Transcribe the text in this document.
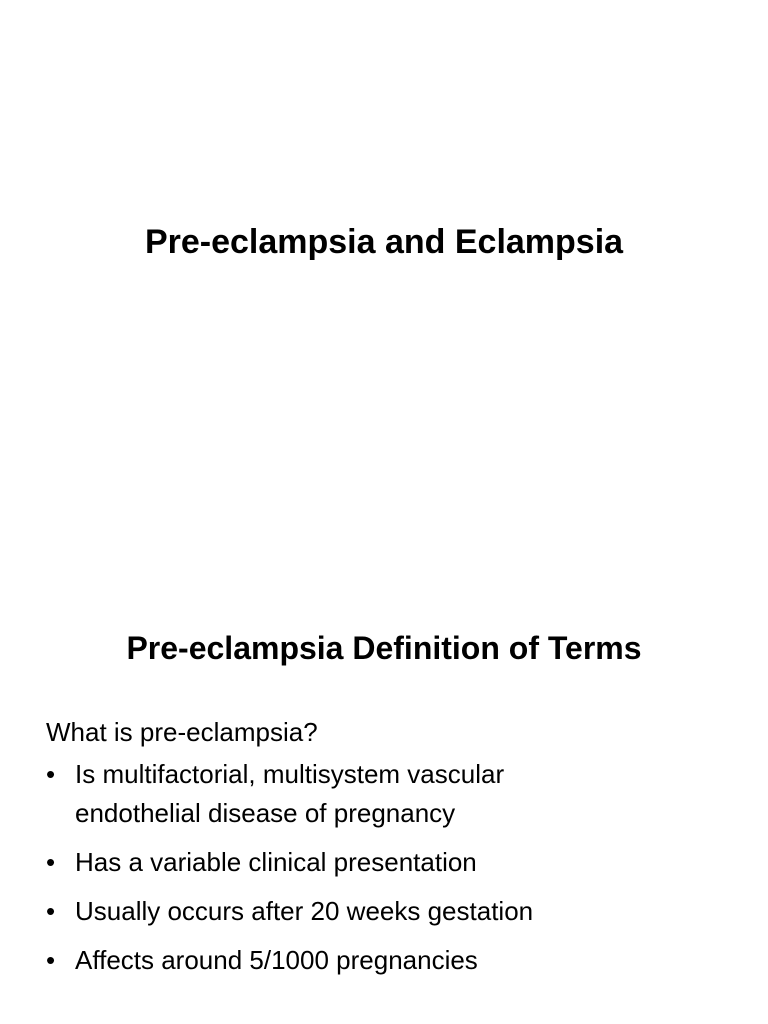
Pre-eclampsia and Eclampsia
Pre-eclampsia Definition of Terms

What is pre-eclampsia?

• Is multifactorial, multisystem vascular
endothelial disease of pregnancy
• Has a variable clinical presentation
• Usually occurs after 20 weeks gestation
• Affects around 5/1000 pregnancies
